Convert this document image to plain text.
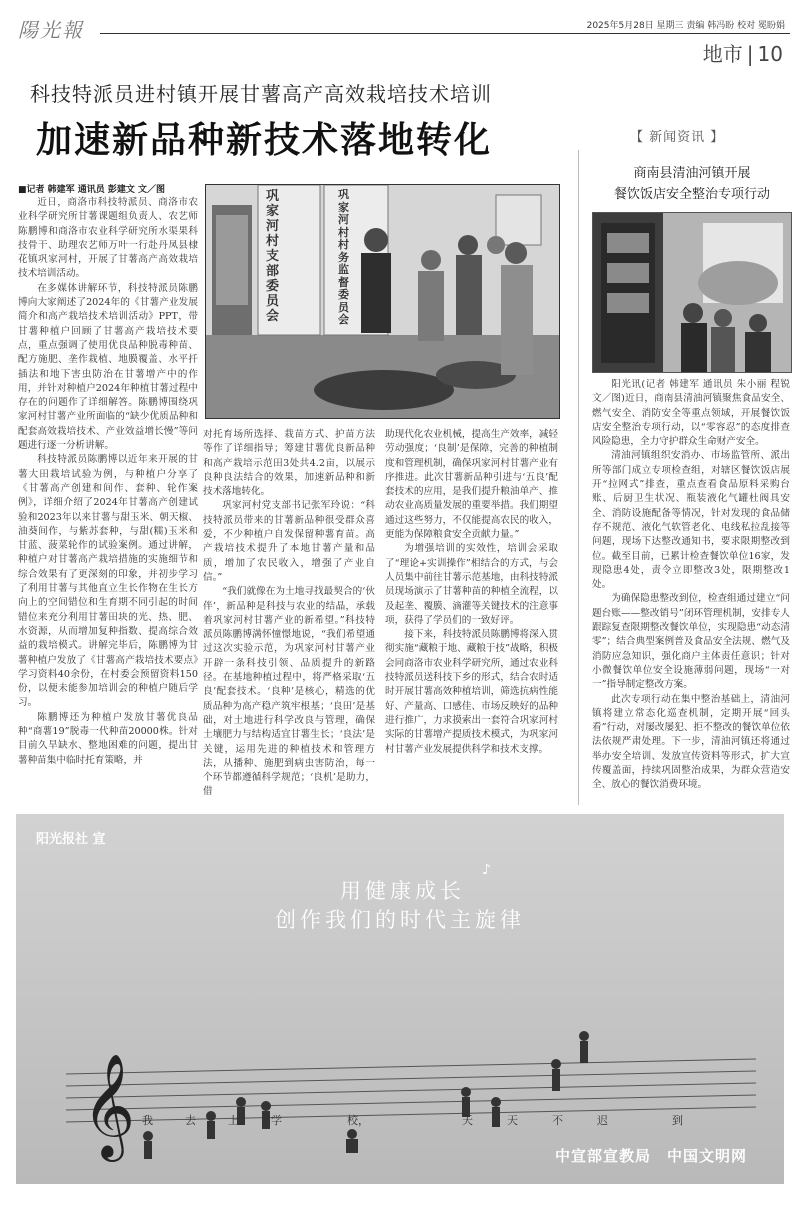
陽光報	2025年5月28日 星期三 责编 韩冯盼 校对 冕盼娟
地市 | 10
科技特派员进村镇开展甘薯高产高效栽培技术培训
加速新品种新技术落地转化
■记者 韩建军 通讯员 彭建文 文／图

近日，商洛市科技特派员、商洛市农业科学研究所甘薯课题组负责人、农艺师陈鹏博和商洛市农业科学研究所水渠果科技骨干、助理农艺师万叶一行赴丹凤县棣花镇巩家河村，开展了甘薯高产高效栽培技术培训活动。

在多媒体讲解环节，科技特派员陈鹏博向大家阐述了2024年的《甘薯产业发展简介和高产栽培技术培训活动》PPT，带甘薯种植户回顾了甘薯高产栽培技术要点，重点强调了使用优良品种脱毒种苗、配方施肥、垄作栽植、地膜覆盖、水平扦插法和地下害虫防治在甘薯增产中的作用，并针对种植户2024年种植甘薯过程中存在的问题作了详细解答。陈鹏博围绕巩家河村甘薯产业所面临的“缺少优质品种和配套高效栽培技术、产业效益增长慢”等问题进行逐一分析讲解。

科技特派员陈鹏博以近年来开展的甘薯大田栽培试验为例，与种植户分享了《甘薯高产创建和间作、套种、轮作案例》，详细介绍了2024年甘薯高产创建试验和2023年以来甘薯与甜玉米、朝天椒、油葵间作，与紫苏套种，与甜(糯)玉米和甘蓝、菠菜轮作的试验案例。通过讲解，种植户对甘薯高产栽培措施的实施细节和综合效果有了更深刻的印象，并初步学习了利用甘薯与其他直立生长作物在生长方向上的空间错位和生育期不同引起的时间错位来充分利用甘薯田块的光、热、肥、水资源，从而增加复种指数、提高综合效益的栽培模式。讲解完毕后，陈鹏博为甘薯种植户发放了《甘薯高产栽培技术要点》学习资料40余份，在村委会预留资料150份，以便未能参加培训会的种植户随后学习。

陈鹏博还为种植户发放甘薯优良品种“商薯19”脱毒一代种苗20000株。针对目前久旱缺水、整地困难的问题，提出甘薯种苗集中临时托育策略，并

巩家河村支部委员会
巩家河村村务监督委员会

对托育场所选择、栽苗方式、护苗方法等作了详细指导；筹建甘薯优良新品种和高产栽培示范田3处共4.2亩，以展示良种良法结合的效果，加速新品种和新技术落地转化。

巩家河村党支部书记张军玲说：“科技特派员带来的甘薯新品种很受群众喜爱，不少种植户自发保留种薯育苗。高产栽培技术提升了本地甘薯产量和品质，增加了农民收入，增强了产业自信。”

“我们就像在为土地寻找最契合的‘伙伴’，新品种是科技与农业的结晶，承载着巩家河村甘薯产业的新希望。”科技特派员陈鹏博满怀憧憬地说，“我们希望通过这次实验示范，为巩家河村甘薯产业开辟一条科技引领、品质提升的新路径。在基地种植过程中，将严格采取‘五良’配套技术。‘良种’是核心，精选的优质品种为高产稳产筑牢根基；‘良田’是基础，对土地进行科学改良与管理，确保土壤肥力与结构适宜甘薯生长；‘良法’是关键，运用先进的种植技术和管理方法，从播种、施肥到病虫害防治，每一个环节都遵循科学规范；‘良机’是助力，借

助现代化农业机械，提高生产效率，减轻劳动强度；‘良制’是保障，完善的种植制度和管理机制，确保巩家河村甘薯产业有序推进。此次甘薯新品种引进与‘五良’配套技术的应用，是我们提升粮油单产、推动农业高质量发展的重要举措。我们期望通过这些努力，不仅能提高农民的收入，更能为保障粮食安全贡献力量。”

为增强培训的实效性，培训会采取了“理论+实训操作”相结合的方式，与会人员集中前往甘薯示范基地，由科技特派员现场演示了甘薯种苗的种植全流程，以及起垄、覆膜、滴灌等关键技术的注意事项，获得了学员们的一致好评。

接下来，科技特派员陈鹏博将深入贯彻实施“藏粮于地、藏粮于技”战略，积极会同商洛市农业科学研究所，通过农业科技特派员送科技下乡的形式，结合农时适时开展甘薯高效种植培训，筛选抗病性能好、产量高、口感佳、市场反映好的品种进行推广，力求摸索出一套符合巩家河村实际的甘薯增产提质技术模式，为巩家河村甘薯产业发展提供科学和技术支撑。

【 新闻资讯 】
商南县清油河镇开展
餐饮饭店安全整治专项行动

阳光讯(记者 韩建军 通讯员 朱小丽 程锐 文／图)近日，商南县清油河镇聚焦食品安全、燃气安全、消防安全等重点领域，开展餐饮饭店安全整治专项行动，以“零容忍”的态度排查风险隐患，全力守护群众生命财产安全。

清油河镇组织安消办、市场监管所、派出所等部门成立专项检查组，对辖区餐饮饭店展开“拉网式”排查，重点查看食品原料采购台账、后厨卫生状况、瓶装液化气罐杜阀具安全、消防设施配备等情况，针对发现的食品储存不规范、液化气软管老化、电线私拉乱接等问题，现场下达整改通知书，要求限期整改到位。截至目前，已累计检查餐饮单位16家，发现隐患4处，责令立即整改3处，限期整改1处。

为确保隐患整改到位，检查组通过建立“问题台账——整改销号”闭环管理机制，安排专人跟踪复查限期整改餐饮单位，实现隐患“动态清零”；结合典型案例普及食品安全法规、燃气及消防应急知识，强化商户主体责任意识；针对小微餐饮单位安全设施薄弱问题，现场“一对一”指导制定整改方案。

此次专项行动在集中整治基础上，清油河镇将建立常态化巡查机制，定期开展“回头看”行动，对屡改屡犯、拒不整改的餐饮单位依法依规严肃处理。下一步，清油河镇还将通过举办安全培训、发放宣传资料等形式，扩大宣传覆盖面，持续巩固整治成果，为群众营造安全、放心的餐饮消费环境。

𝄞
♪
阳光报社 宣
用健康成长
创作我们的时代主旋律
我	去	上	学	校，	天	天	不	迟	到
中宣部宣教局　中国文明网
